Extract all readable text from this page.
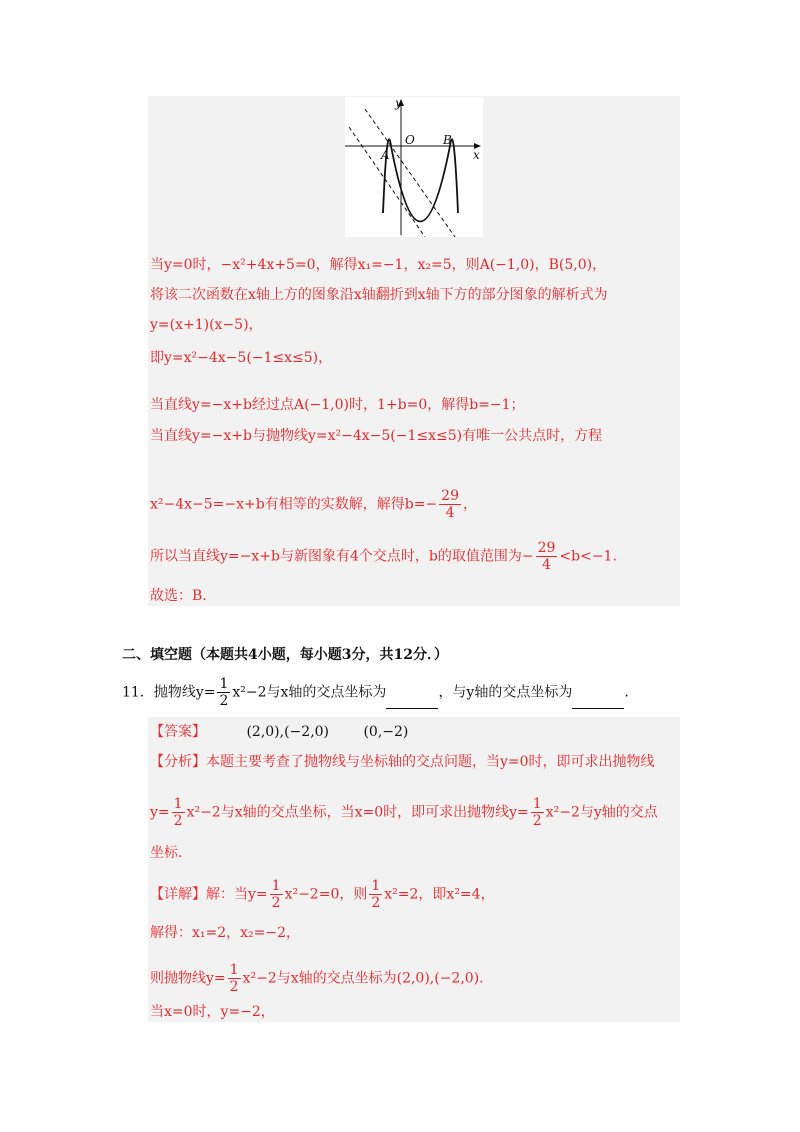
y
O
A
B
x
当y=0时，−x²+4x+5=0，解得x₁=−1，x₂=5，则A(−1,0)，B(5,0)，
将该二次函数在x轴上方的图象沿x轴翻折到x轴下方的部分图象的解析式为
y=(x+1)(x−5)，
即y=x²−4x−5(−1≤x≤5)，
当直线y=−x+b经过点A(−1,0)时，1+b=0，解得b=−1；
当直线y=−x+b与抛物线y=x²−4x−5(−1≤x≤5)有唯一公共点时，方程
x²−4x−5=−x+b有相等的实数解，解得$b=- \frac{29}{4}$ ，
所以当直线y=−x+b与新图象有4个交点时，b的取值范围为− $\frac{29}{4} <b<-1$.
故选：B.
二、填空题（本题共4小题，每小题3分，共12分．）
11．抛物线$y= \frac{1}{2} x^2-2$与x轴的交点坐标为	，与y轴的交点坐标为	.
【答案】	(2,0),(−2,0) (0,−2)
【分析】本题主要考查了抛物线与坐标轴的交点问题，当y=0时，即可求出抛物线
$y= \frac{1}{2} x^2-2$与x轴的交点坐标，当x=0时，即可求出抛物线$y= \frac{1}{2} x^2-2$与y轴的交点
坐标.
【详解】解：当$y= \frac{1}{2} x^2-2=0$，则 $\frac{1}{2} x^2=2$，即x²=4，
解得：x₁=2，x₂=−2，
则抛物线$y= \frac{1}{2} x^2-2$与x轴的交点坐标为(2,0),(−2,0).
当x=0时，y=−2，
